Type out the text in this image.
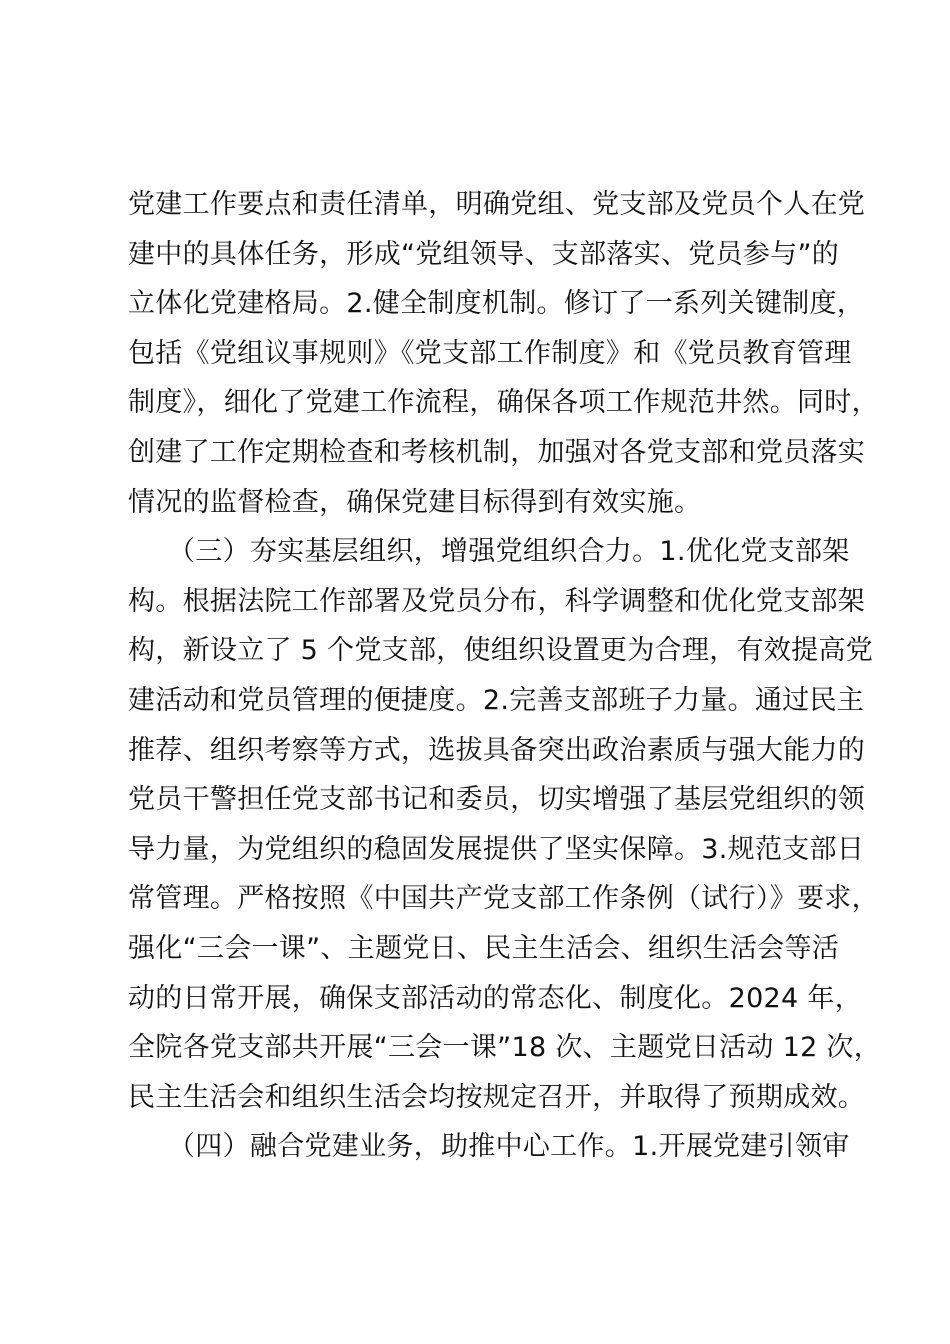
党建工作要点和责任清单，明确党组、党支部及党员个人在党
建中的具体任务，形成“党组领导、支部落实、党员参与”的
立体化党建格局。2.健全制度机制。修订了一系列关键制度，
包括《党组议事规则》《党支部工作制度》和《党员教育管理
制度》，细化了党建工作流程，确保各项工作规范井然。同时，
创建了工作定期检查和考核机制，加强对各党支部和党员落实
情况的监督检查，确保党建目标得到有效实施。
（三）夯实基层组织，增强党组织合力。1.优化党支部架
构。根据法院工作部署及党员分布，科学调整和优化党支部架
构，新设立了 5 个党支部，使组织设置更为合理，有效提高党
建活动和党员管理的便捷度。2.完善支部班子力量。通过民主
推荐、组织考察等方式，选拔具备突出政治素质与强大能力的
党员干警担任党支部书记和委员，切实增强了基层党组织的领
导力量，为党组织的稳固发展提供了坚实保障。3.规范支部日
常管理。严格按照《中国共产党支部工作条例（试行）》要求，
强化“三会一课”、主题党日、民主生活会、组织生活会等活
动的日常开展，确保支部活动的常态化、制度化。2024 年，
全院各党支部共开展“三会一课”18 次、主题党日活动 12 次，
民主生活会和组织生活会均按规定召开，并取得了预期成效。
（四）融合党建业务，助推中心工作。1.开展党建引领审
